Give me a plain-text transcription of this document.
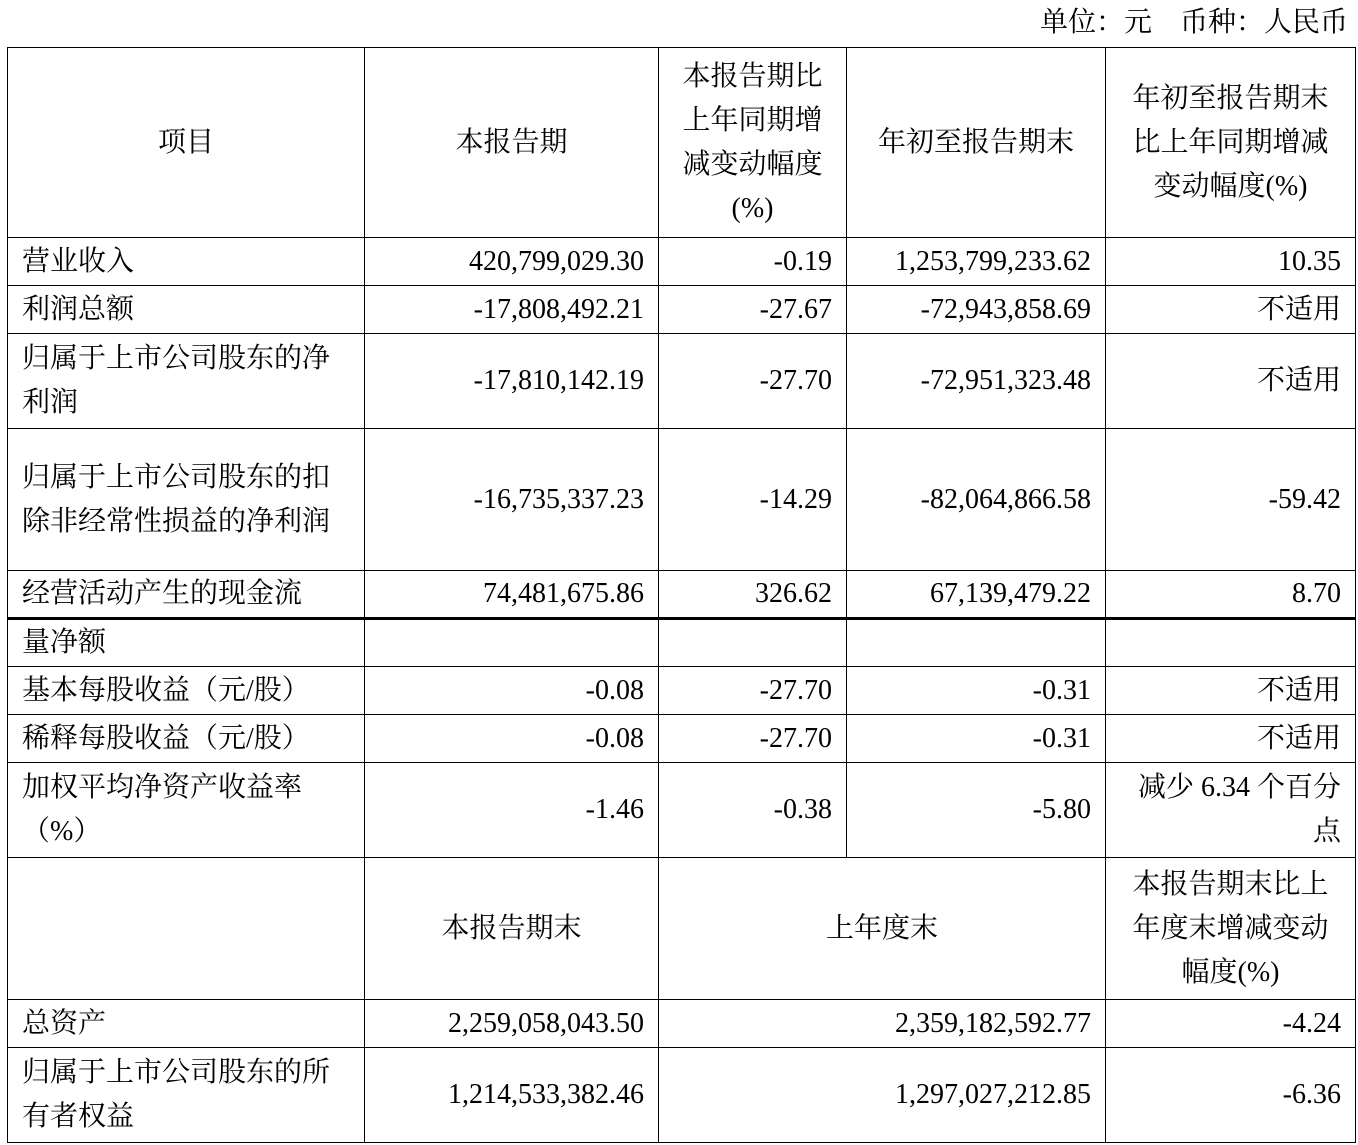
单位：元　币种：人民币
项目	本报告期	本报告期比上年同期增减变动幅度(%)	年初至报告期末	年初至报告期末比上年同期增减变动幅度(%)
营业收入	420,799,029.30	-0.19	1,253,799,233.62	10.35
利润总额	-17,808,492.21	-27.67	-72,943,858.69	不适用
归属于上市公司股东的净利润	-17,810,142.19	-27.70	-72,951,323.48	不适用
归属于上市公司股东的扣除非经常性损益的净利润	-16,735,337.23	-14.29	-82,064,866.58	-59.42
经营活动产生的现金流	74,481,675.86	326.62	67,139,479.22	8.70
量净额				
基本每股收益（元/股）	-0.08	-27.70	-0.31	不适用
稀释每股收益（元/股）	-0.08	-27.70	-0.31	不适用
加权平均净资产收益率（%）	-1.46	-0.38	-5.80	减少 6.34 个百分点
	本报告期末	上年度末		本报告期末比上年度末增减变动幅度(%)
总资产	2,259,058,043.50	2,359,182,592.77		-4.24
归属于上市公司股东的所有者权益	1,214,533,382.46	1,297,027,212.85		-6.36
